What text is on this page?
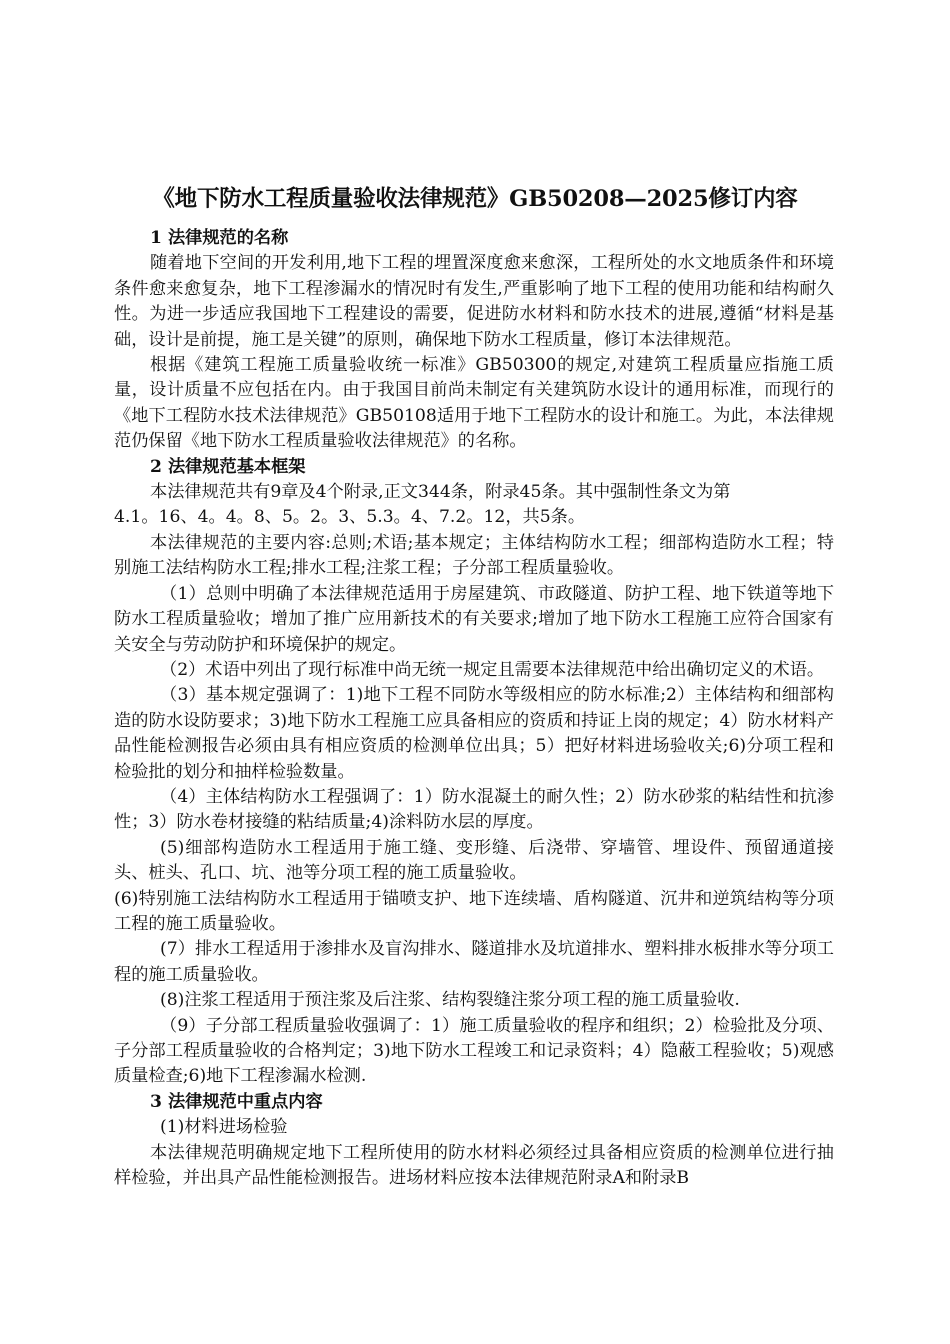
《地下防水工程质量验收法律规范》GB50208—2025修订内容

1 法律规范的名称

随着地下空间的开发利用,地下工程的埋置深度愈来愈深，工程所处的水文地质条件和环境条件愈来愈复杂，地下工程渗漏水的情况时有发生,严重影响了地下工程的使用功能和结构耐久性。为进一步适应我国地下工程建设的需要，促进防水材料和防水技术的进展,遵循“材料是基础，设计是前提，施工是关键”的原则，确保地下防水工程质量，修订本法律规范。

根据《建筑工程施工质量验收统一标准》GB50300的规定,对建筑工程质量应指施工质量，设计质量不应包括在内。由于我国目前尚未制定有关建筑防水设计的通用标准，而现行的《地下工程防水技术法律规范》GB50108适用于地下工程防水的设计和施工。为此，本法律规范仍保留《地下防水工程质量验收法律规范》的名称。

2 法律规范基本框架

本法律规范共有9章及4个附录,正文344条，附录45条。其中强制性条文为第

4.1。16、4。4。8、5。2。3、5.3。4、7.2。12，共5条。

本法律规范的主要内容:总则;术语;基本规定；主体结构防水工程；细部构造防水工程；特别施工法结构防水工程;排水工程;注浆工程；子分部工程质量验收。

（1）总则中明确了本法律规范适用于房屋建筑、市政隧道、防护工程、地下铁道等地下防水工程质量验收；增加了推广应用新技术的有关要求;增加了地下防水工程施工应符合国家有关安全与劳动防护和环境保护的规定。

（2）术语中列出了现行标准中尚无统一规定且需要本法律规范中给出确切定义的术语。

（3）基本规定强调了：1)地下工程不同防水等级相应的防水标准;2）主体结构和细部构造的防水设防要求；3)地下防水工程施工应具备相应的资质和持证上岗的规定；4）防水材料产品性能检测报告必须由具有相应资质的检测单位出具；5）把好材料进场验收关;6)分项工程和检验批的划分和抽样检验数量。

（4）主体结构防水工程强调了：1）防水混凝土的耐久性；2）防水砂浆的粘结性和抗渗性；3）防水卷材接缝的粘结质量;4)涂料防水层的厚度。

(5)细部构造防水工程适用于施工缝、变形缝、后浇带、穿墙管、埋设件、预留通道接头、桩头、孔口、坑、池等分项工程的施工质量验收。

(6)特别施工法结构防水工程适用于锚喷支护、地下连续墙、盾构隧道、沉井和逆筑结构等分项工程的施工质量验收。

(7）排水工程适用于渗排水及盲沟排水、隧道排水及坑道排水、塑料排水板排水等分项工程的施工质量验收。

(8)注浆工程适用于预注浆及后注浆、结构裂缝注浆分项工程的施工质量验收.

（9）子分部工程质量验收强调了：1）施工质量验收的程序和组织；2）检验批及分项、子分部工程质量验收的合格判定；3)地下防水工程竣工和记录资料；4）隐蔽工程验收；5)观感质量检查;6)地下工程渗漏水检测.

3 法律规范中重点内容

(1)材料进场检验

本法律规范明确规定地下工程所使用的防水材料必须经过具备相应资质的检测单位进行抽样检验，并出具产品性能检测报告。进场材料应按本法律规范附录A和附录B
